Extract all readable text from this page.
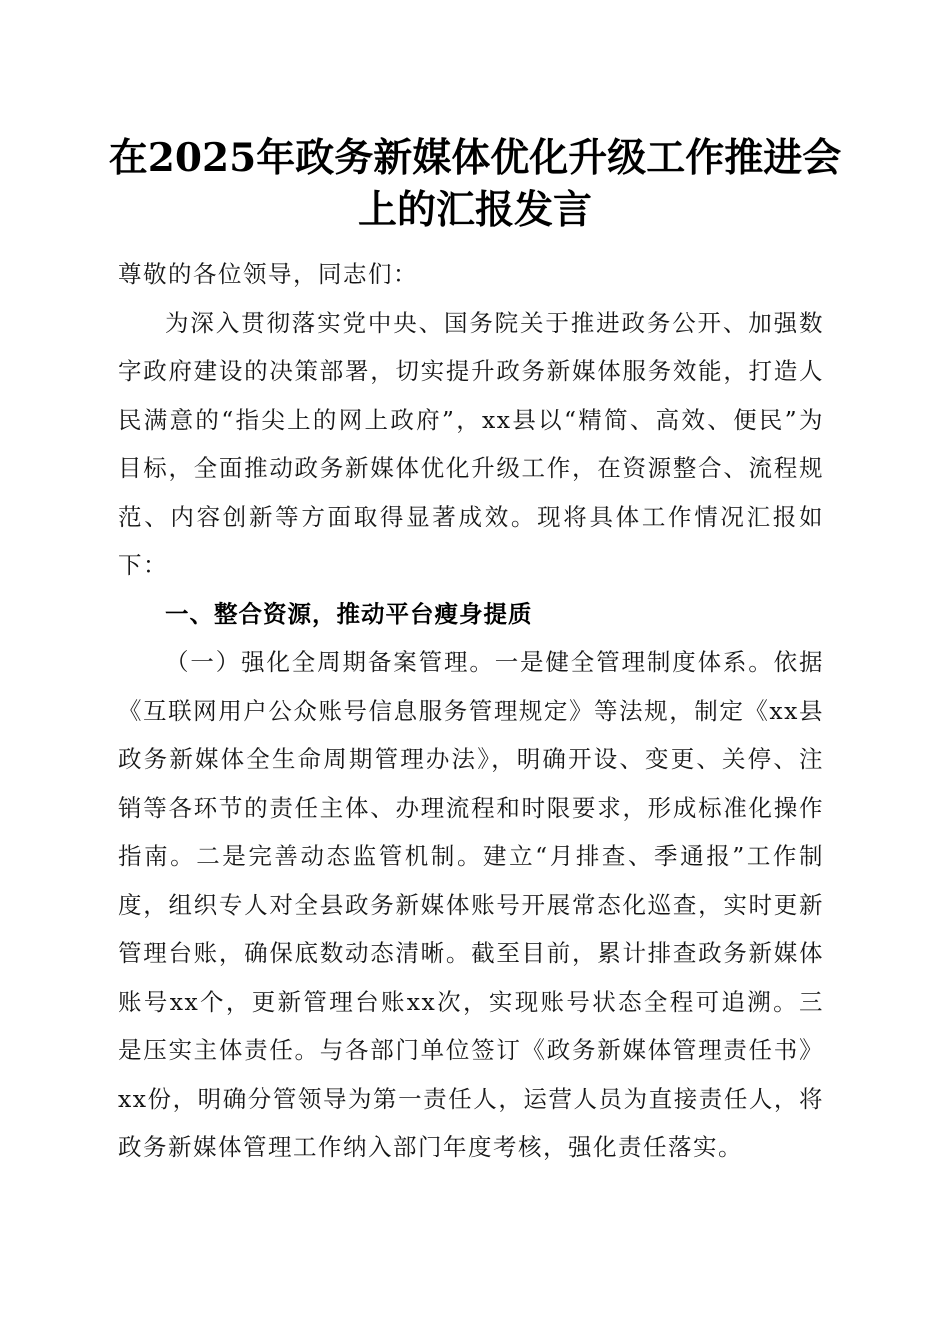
在2025年政务新媒体优化升级工作推进会上的汇报发言

尊敬的各位领导，同志们：

为深入贯彻落实党中央、国务院关于推进政务公开、加强数字政府建设的决策部署，切实提升政务新媒体服务效能，打造人民满意的“指尖上的网上政府”，xx县以“精简、高效、便民”为目标，全面推动政务新媒体优化升级工作，在资源整合、流程规范、内容创新等方面取得显著成效。现将具体工作情况汇报如下：

一、整合资源，推动平台瘦身提质

（一）强化全周期备案管理。一是健全管理制度体系。依据《互联网用户公众账号信息服务管理规定》等法规，制定《xx县政务新媒体全生命周期管理办法》，明确开设、变更、关停、注销等各环节的责任主体、办理流程和时限要求，形成标准化操作指南。二是完善动态监管机制。建立“月排查、季通报”工作制度，组织专人对全县政务新媒体账号开展常态化巡查，实时更新管理台账，确保底数动态清晰。截至目前，累计排查政务新媒体账号xx个，更新管理台账xx次，实现账号状态全程可追溯。三是压实主体责任。与各部门单位签订《政务新媒体管理责任书》xx份，明确分管领导为第一责任人，运营人员为直接责任人，将政务新媒体管理工作纳入部门年度考核，强化责任落实。
